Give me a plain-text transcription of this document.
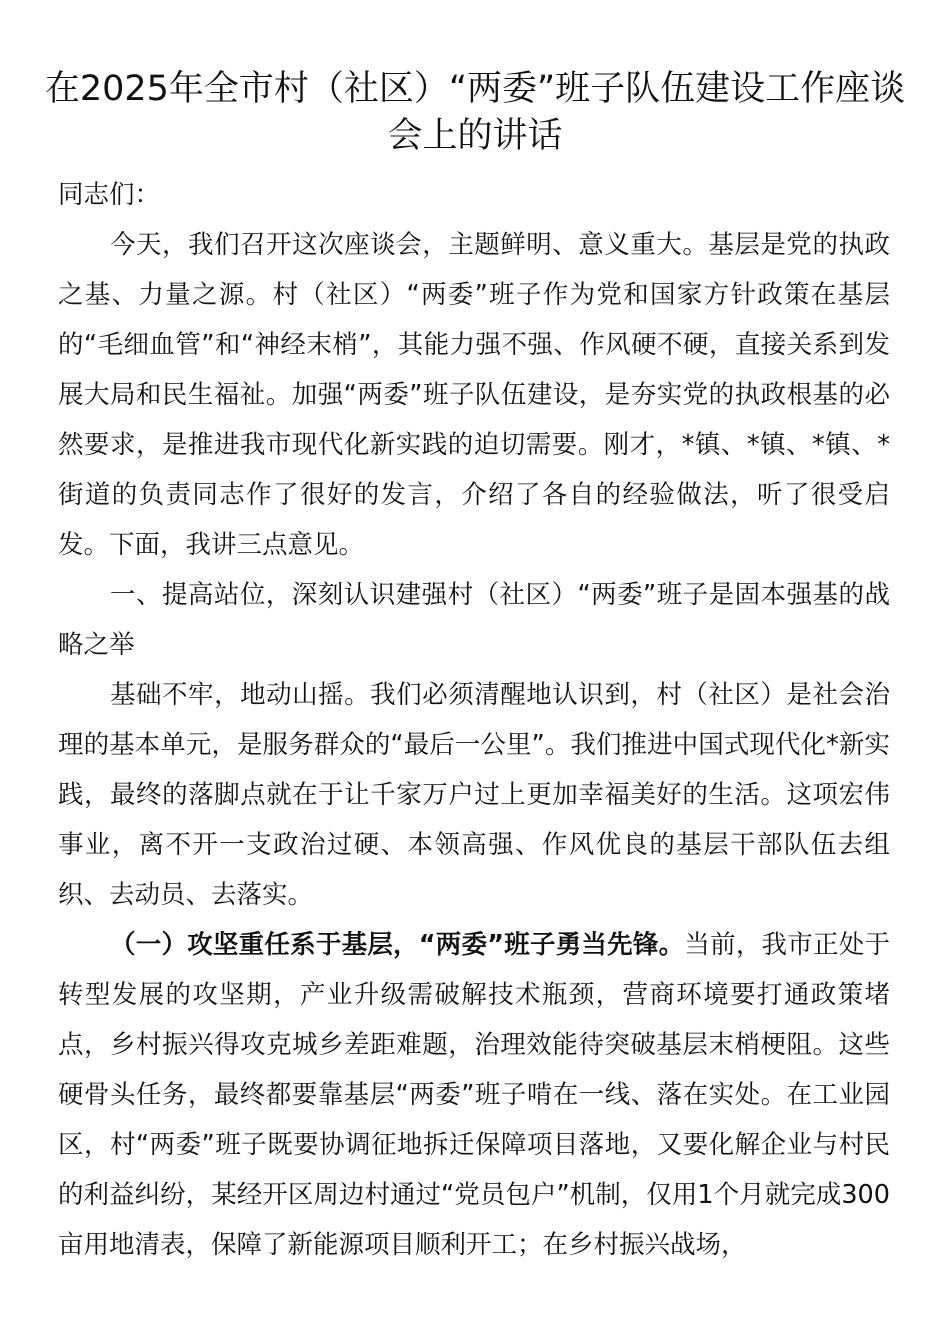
在2025年全市村（社区）“两委”班子队伍建设工作座谈会上的讲话

同志们：

今天，我们召开这次座谈会，主题鲜明、意义重大。基层是党的执政之基、力量之源。村（社区）“两委”班子作为党和国家方针政策在基层的“毛细血管”和“神经末梢”，其能力强不强、作风硬不硬，直接关系到发展大局和民生福祉。加强“两委”班子队伍建设，是夯实党的执政根基的必然要求，是推进我市现代化新实践的迫切需要。刚才，*镇、*镇、*镇、*街道的负责同志作了很好的发言，介绍了各自的经验做法，听了很受启发。下面，我讲三点意见。

一、提高站位，深刻认识建强村（社区）“两委”班子是固本强基的战略之举

基础不牢，地动山摇。我们必须清醒地认识到，村（社区）是社会治理的基本单元，是服务群众的“最后一公里”。我们推进中国式现代化*新实践，最终的落脚点就在于让千家万户过上更加幸福美好的生活。这项宏伟事业，离不开一支政治过硬、本领高强、作风优良的基层干部队伍去组织、去动员、去落实。

（一）攻坚重任系于基层，“两委”班子勇当先锋。当前，我市正处于转型发展的攻坚期，产业升级需破解技术瓶颈，营商环境要打通政策堵点，乡村振兴得攻克城乡差距难题，治理效能待突破基层末梢梗阻。这些硬骨头任务，最终都要靠基层“两委”班子啃在一线、落在实处。在工业园区，村“两委”班子既要协调征地拆迁保障项目落地，又要化解企业与村民的利益纠纷，某经开区周边村通过“党员包户”机制，仅用1个月就完成300亩用地清表，保障了新能源项目顺利开工；在乡村振兴战场，
